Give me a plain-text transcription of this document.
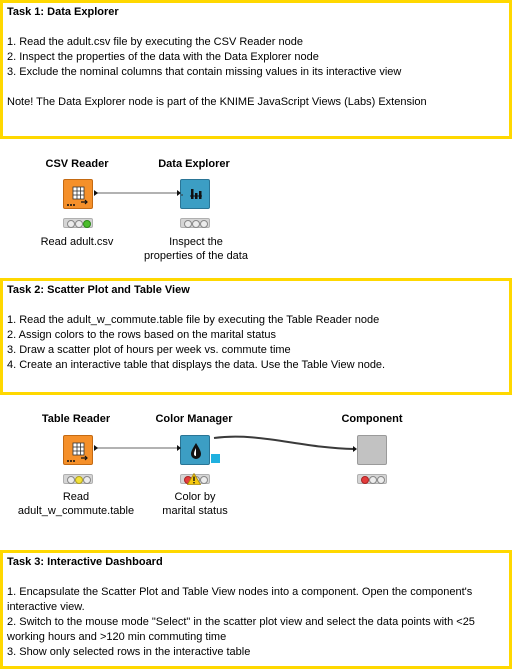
Task 1: Data Explorer
1. Read the adult.csv file by executing the CSV Reader node
2. Inspect the properties of the data with the Data Explorer node
3. Exclude the nominal columns that contain missing values in its interactive view
Note! The Data Explorer node is part of the KNIME JavaScript Views (Labs) Extension
CSV Reader
Read adult.csv
Data Explorer
Inspect the
properties of the data
Task 2: Scatter Plot and Table View
1. Read the adult_w_commute.table file by executing the Table Reader node
2. Assign colors to the rows based on the marital status
3. Draw a scatter plot of hours per week vs. commute time
4. Create an interactive table that displays the data. Use the Table View node.
Table Reader
Read
adult_w_commute.table
Color Manager
Color by
marital status
Component
Task 3: Interactive Dashboard
1. Encapsulate the Scatter Plot and Table View nodes into a component. Open the component's interactive view.
2. Switch to the mouse mode "Select" in the scatter plot view and select the data points with <25 working hours and >120 min commuting time
3. Show only selected rows in the interactive table
